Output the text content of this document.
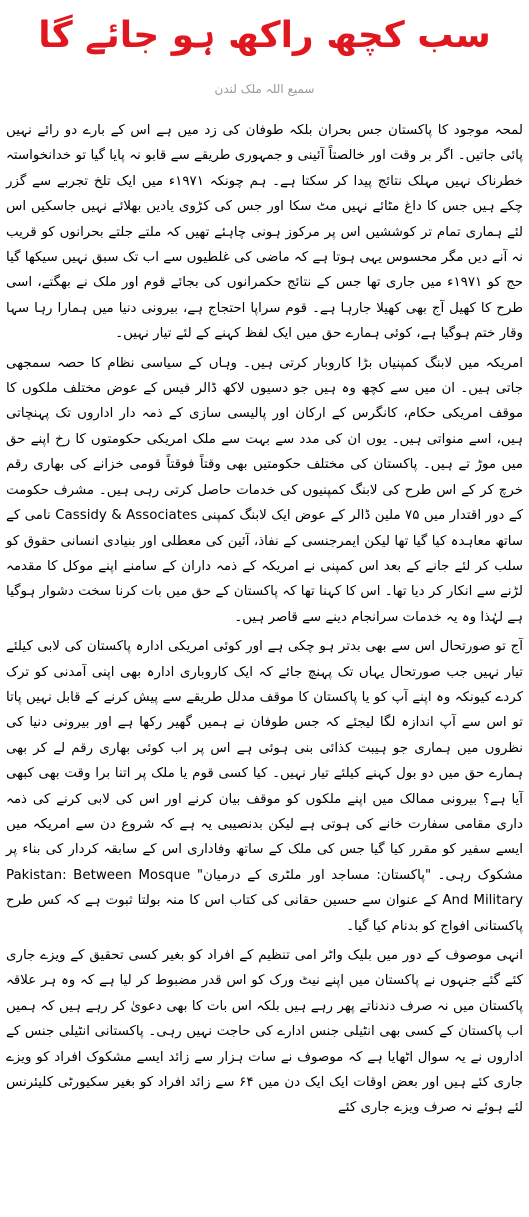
سب کچھ راکھ ہو جائے گا
سمیع اللہ ملک لندن

لمحہ موجود کا پاکستان جس بحران بلکہ طوفان کی زد میں ہے اس کے بارے دو رائے نہیں پائی جاتیں۔ اگر بر وقت اور خالصتاً آئینی و جمہوری طریقے سے قابو نہ پایا گیا تو خدانخواستہ خطرناک نہیں مہلک نتائج پیدا کر سکتا ہے۔ ہم چونکہ ۱۹۷۱ء میں ایک تلخ تجربے سے گزر چکے ہیں جس کا داغ مٹائے نہیں مٹ سکا اور جس کی کڑوی یادیں بھلائے نہیں جاسکیں اس لئے ہماری تمام تر کوششیں اس پر مرکوز ہونی چاہئے تھیں کہ ملتے جلتے بحرانوں کو قریب نہ آنے دیں مگر محسوس یہی ہوتا ہے کہ ماضی کی غلطیوں سے اب تک سبق نہیں سیکھا گیا حج کو ۱۹۷۱ء میں جاری تھا جس کے نتائج حکمرانوں کی بجائے قوم اور ملک نے بھگتے، اسی طرح کا کھیل آج بھی کھیلا جارہا ہے۔ قوم سراپا احتجاج ہے، بیرونی دنیا میں ہمارا رہا سہا وقار ختم ہوگیا ہے، کوئی ہمارے حق میں ایک لفظ کہنے کے لئے تیار نہیں۔

امریکہ میں لابنگ کمپنیاں بڑا کاروبار کرتی ہیں۔ وہاں کے سیاسی نظام کا حصہ سمجھی جاتی ہیں۔ ان میں سے کچھ وہ ہیں جو دسیوں لاکھ ڈالر فیس کے عوض مختلف ملکوں کا موقف امریکی حکام، کانگرس کے ارکان اور پالیسی سازی کے ذمہ دار اداروں تک پہنچاتی ہیں، اسے منواتی ہیں۔ یوں ان کی مدد سے بہت سے ملک امریکی حکومتوں کا رخ اپنے حق میں موڑ تے ہیں۔ پاکستان کی مختلف حکومتیں بھی وقتاً فوقتاً قومی خزانے کی بھاری رقم خرچ کر کے اس طرح کی لابنگ کمپنیوں کی خدمات حاصل کرتی رہی ہیں۔ مشرف حکومت کے دور اقتدار میں ۷۵ ملین ڈالر کے عوض ایک لابنگ کمپنی Cassidy & Associates نامی کے ساتھ معاہدہ کیا گیا تھا لیکن ایمرجنسی کے نفاذ، آئین کی معطلی اور بنیادی انسانی حقوق کو سلب کر لئے جانے کے بعد اس کمپنی نے امریکہ کے ذمہ داران کے سامنے اپنے موکل کا مقدمہ لڑنے سے انکار کر دیا تھا۔ اس کا کہنا تھا کہ پاکستان کے حق میں بات کرنا سخت دشوار ہوگیا ہے لہٰذا وہ یہ خدمات سرانجام دینے سے قاصر ہیں۔

آج تو صورتحال اس سے بھی بدتر ہو چکی ہے اور کوئی امریکی ادارہ پاکستان کی لابی کیلئے تیار نہیں جب صورتحال یہاں تک پہنچ جائے کہ ایک کاروباری ادارہ بھی اپنی آمدنی کو ترک کردے کیونکہ وہ اپنے آپ کو یا پاکستان کا موقف مدلل طریقے سے پیش کرنے کے قابل نہیں پاتا تو اس سے آپ اندازہ لگا لیجئے کہ جس طوفان نے ہمیں گھیر رکھا ہے اور بیرونی دنیا کی نظروں میں ہماری جو ہیبت کذائی بنی ہوئی ہے اس پر اب کوئی بھاری رقم لے کر بھی ہمارے حق میں دو بول کہنے کیلئے تیار نہیں۔ کیا کسی قوم یا ملک پر اتنا برا وقت بھی کبھی آیا ہے؟ بیرونی ممالک میں اپنے ملکوں کو موقف بیان کرنے اور اس کی لابی کرنے کی ذمہ داری مقامی سفارت خانے کی ہوتی ہے لیکن بدنصیبی یہ ہے کہ شروع دن سے امریکہ میں ایسے سفیر کو مقرر کیا گیا جس کی ملک کے ساتھ وفاداری اس کے سابقہ کردار کی بناء پر مشکوک رہی۔ "پاکستان: مساجد اور ملٹری کے درمیان" Pakistan: Between Mosque And Military کے عنوان سے حسین حقانی کی کتاب اس کا منہ بولتا ثبوت ہے کہ کس طرح پاکستانی افواج کو بدنام کیا گیا۔

انہی موصوف کے دور میں بلیک واٹر امی تنظیم کے افراد کو بغیر کسی تحقیق کے ویزے جاری کئے گئے جنہوں نے پاکستان میں اپنے نیٹ ورک کو اس قدر مضبوط کر لیا ہے کہ وہ ہر علاقہ پاکستان میں نہ صرف دندناتے پھر رہے ہیں بلکہ اس بات کا بھی دعویٰ کر رہے ہیں کہ ہمیں اب پاکستان کے کسی بھی انٹیلی جنس ادارے کی حاجت نہیں رہی۔ پاکستانی انٹیلی جنس کے اداروں نے یہ سوال اٹھایا ہے کہ موصوف نے سات ہزار سے زائد ایسے مشکوک افراد کو ویزے جاری کئے ہیں اور بعض اوقات ایک ایک دن میں ۶۴ سے زائد افراد کو بغیر سکیورٹی کلیئرنس لئے ہوئے نہ صرف ویزے جاری کئے
